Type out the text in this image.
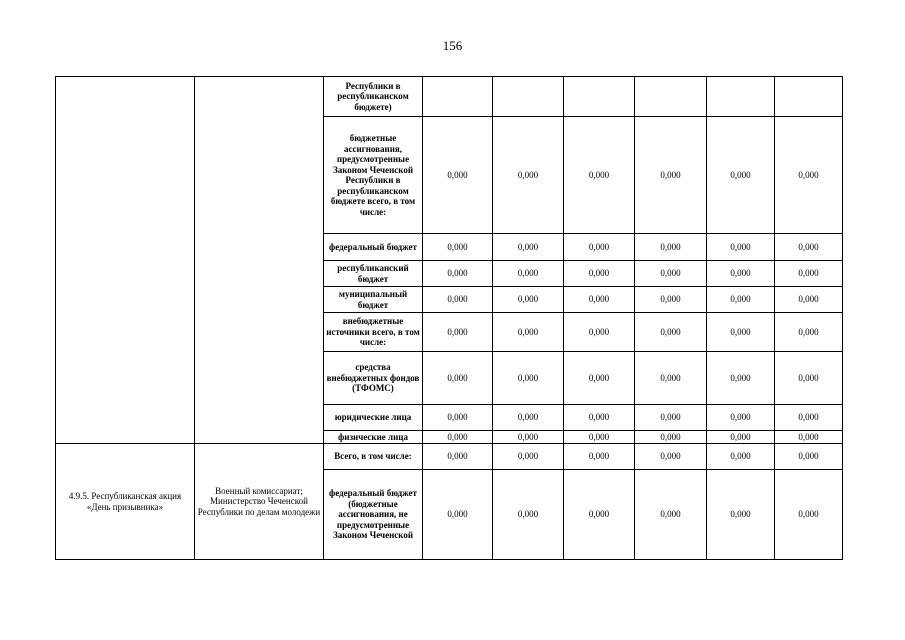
156
		Республики в республиканском бюджете)						
		бюджетные ассигнования, предусмотренные Законом Чеченской Республики в республиканском бюджете всего, в том числе:	0,000	0,000	0,000	0,000	0,000	0,000
		федеральный бюджет	0,000	0,000	0,000	0,000	0,000	0,000
		республиканский бюджет	0,000	0,000	0,000	0,000	0,000	0,000
		муниципальный бюджет	0,000	0,000	0,000	0,000	0,000	0,000
		внебюджетные источники всего, в том числе:	0,000	0,000	0,000	0,000	0,000	0,000
		средства внебюджетных фондов (ТФОМС)	0,000	0,000	0,000	0,000	0,000	0,000
		юридические лица	0,000	0,000	0,000	0,000	0,000	0,000
		физические лица	0,000	0,000	0,000	0,000	0,000	0,000
4.9.5. Республиканская акция «День призывника»	Военный комиссариат; Министерство Чеченской Республики по делам молодежи	Всего, в том числе:	0,000	0,000	0,000	0,000	0,000	0,000
		федеральный бюджет (бюджетные ассигнования, не предусмотренные Законом Чеченской	0,000	0,000	0,000	0,000	0,000	0,000
